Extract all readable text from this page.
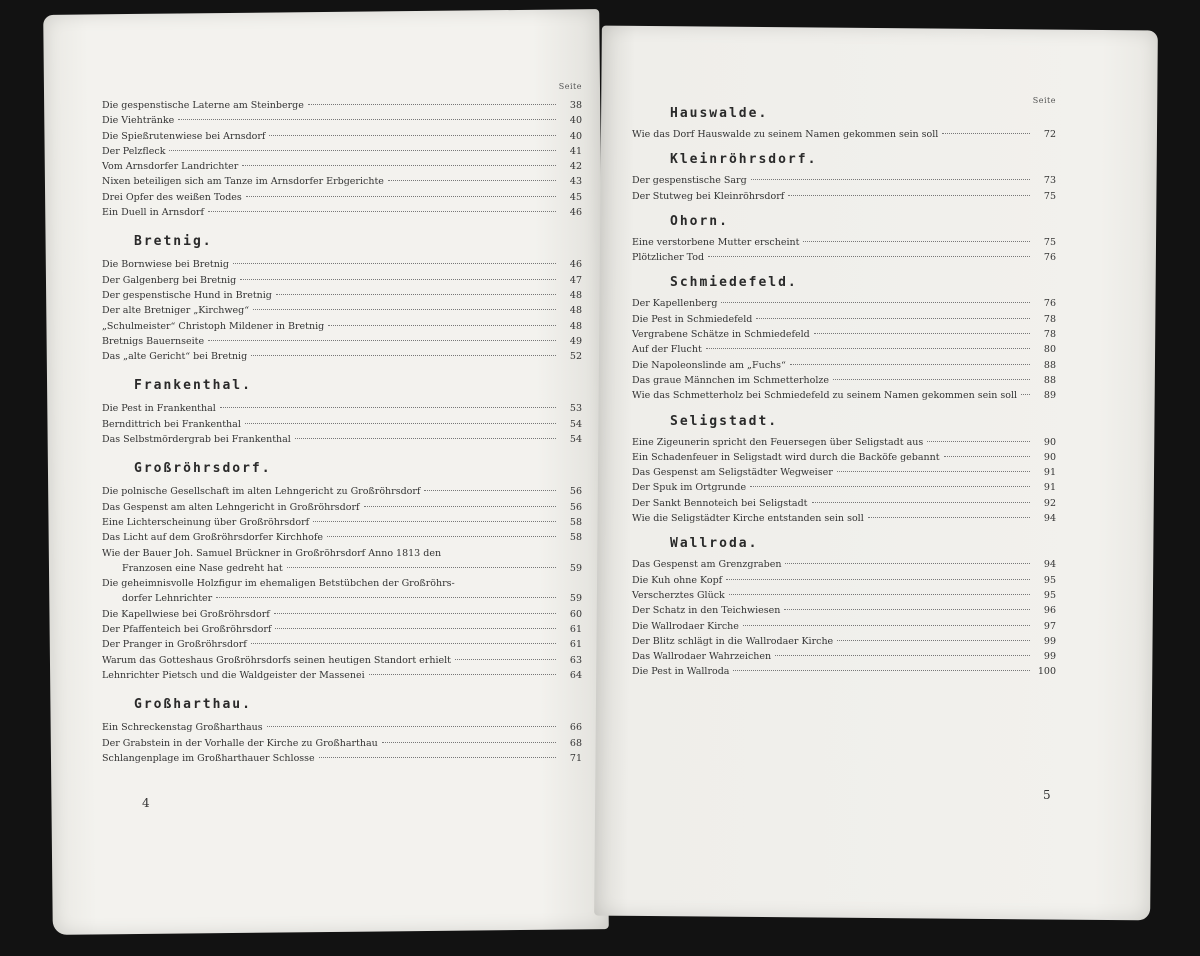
Seite
Die gespenstische Laterne am Steinberge	38
Die Viehtränke	40
Die Spießrutenwiese bei Arnsdorf	40
Der Pelzfleck	41
Vom Arnsdorfer Landrichter	42
Nixen beteiligen sich am Tanze im Arnsdorfer Erbgerichte	43
Drei Opfer des weißen Todes	45
Ein Duell in Arnsdorf	46
Bretnig.
Die Bornwiese bei Bretnig	46
Der Galgenberg bei Bretnig	47
Der gespenstische Hund in Bretnig	48
Der alte Bretniger „Kirchweg“	48
„Schulmeister“ Christoph Mildener in Bretnig	48
Bretnigs Bauernseite	49
Das „alte Gericht“ bei Bretnig	52
Frankenthal.
Die Pest in Frankenthal	53
Berndittrich bei Frankenthal	54
Das Selbstmördergrab bei Frankenthal	54
Großröhrsdorf.
Die polnische Gesellschaft im alten Lehngericht zu Großröhrsdorf	56
Das Gespenst am alten Lehngericht in Großröhrsdorf	56
Eine Lichterscheinung über Großröhrsdorf	58
Das Licht auf dem Großröhrsdorfer Kirchhofe	58
Wie der Bauer Joh. Samuel Brückner in Großröhrsdorf Anno 1813 den
Franzosen eine Nase gedreht hat	59
Die geheimnisvolle Holzfigur im ehemaligen Betstübchen der Großröhrs-
dorfer Lehnrichter	59
Die Kapellwiese bei Großröhrsdorf	60
Der Pfaffenteich bei Großröhrsdorf	61
Der Pranger in Großröhrsdorf	61
Warum das Gotteshaus Großröhrsdorfs seinen heutigen Standort erhielt	63
Lehnrichter Pietsch und die Waldgeister der Massenei	64
Großharthau.
Ein Schreckenstag Großharthaus	66
Der Grabstein in der Vorhalle der Kirche zu Großharthau	68
Schlangenplage im Großharthauer Schlosse	71
Seite
Hauswalde.
Wie das Dorf Hauswalde zu seinem Namen gekommen sein soll	72
Kleinröhrsdorf.
Der gespenstische Sarg	73
Der Stutweg bei Kleinröhrsdorf	75
Ohorn.
Eine verstorbene Mutter erscheint	75
Plötzlicher Tod	76
Schmiedefeld.
Der Kapellenberg	76
Die Pest in Schmiedefeld	78
Vergrabene Schätze in Schmiedefeld	78
Auf der Flucht	80
Die Napoleonslinde am „Fuchs“	88
Das graue Männchen im Schmetterholze	88
Wie das Schmetterholz bei Schmiedefeld zu seinem Namen gekommen sein soll	89
Seligstadt.
Eine Zigeunerin spricht den Feuersegen über Seligstadt aus	90
Ein Schadenfeuer in Seligstadt wird durch die Backöfe gebannt	90
Das Gespenst am Seligstädter Wegweiser	91
Der Spuk im Ortgrunde	91
Der Sankt Bennoteich bei Seligstadt	92
Wie die Seligstädter Kirche entstanden sein soll	94
Wallroda.
Das Gespenst am Grenzgraben	94
Die Kuh ohne Kopf	95
Verscherztes Glück	95
Der Schatz in den Teichwiesen	96
Die Wallrodaer Kirche	97
Der Blitz schlägt in die Wallrodaer Kirche	99
Das Wallrodaer Wahrzeichen	99
Die Pest in Wallroda	100
4
5
